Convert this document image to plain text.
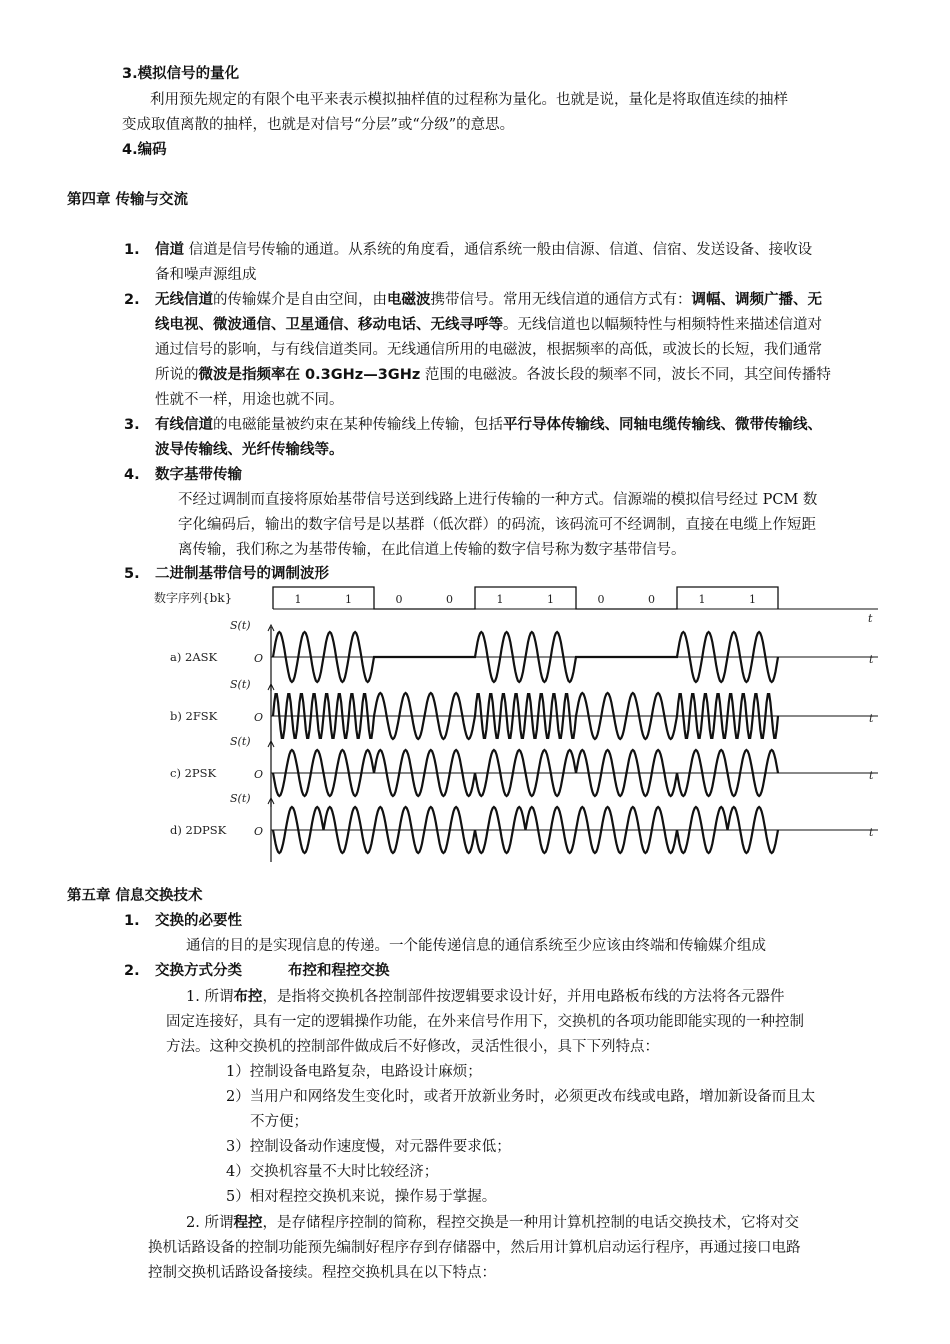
3.模拟信号的量化
利用预先规定的有限个电平来表示模拟抽样值的过程称为量化。也就是说，量化是将取值连续的抽样
变成取值离散的抽样，也就是对信号“分层”或“分级”的意思。
4.编码
第四章 传输与交流
1. 信道 信道是信号传输的通道。从系统的角度看，通信系统一般由信源、信道、信宿、发送设备、接收设
备和噪声源组成
2. 无线信道的传输媒介是自由空间，由电磁波携带信号。常用无线信道的通信方式有：调幅、调频广播、无
线电视、微波通信、卫星通信、移动电话、无线寻呼等。无线信道也以幅频特性与相频特性来描述信道对
通过信号的影响，与有线信道类同。无线通信所用的电磁波，根据频率的高低，或波长的长短，我们通常
所说的微波是指频率在 0.3GHz—3GHz 范围的电磁波。各波长段的频率不同，波长不同，其空间传播特
性就不一样，用途也就不同。
3. 有线信道的电磁能量被约束在某种传输线上传输，包括平行导体传输线、同轴电缆传输线、微带传输线、
波导传输线、光纤传输线等。
4. 数字基带传输
不经过调制而直接将原始基带信号送到线路上进行传输的一种方式。信源端的模拟信号经过 PCM 数
字化编码后，输出的数字信号是以基群（低次群）的码流，该码流可不经调制，直接在电缆上作短距
离传输，我们称之为基带传输，在此信道上传输的数字信号称为数字基带信号。
5. 二进制基带信号的调制波形
数字序列{bk}
t
1	1	0	0	1	1	0	0	1	1
a) 2ASK
S(t)
O	t
b) 2FSK
S(t)
O	t
c) 2PSK
S(t)
O	t
d) 2DPSK
S(t)
O	t
第五章 信息交换技术
1. 交换的必要性
通信的目的是实现信息的传递。一个能传递信息的通信系统至少应该由终端和传输媒介组成
2. 交换方式分类	布控和程控交换
1. 所谓布控，是指将交换机各控制部件按逻辑要求设计好，并用电路板布线的方法将各元器件
固定连接好，具有一定的逻辑操作功能，在外来信号作用下，交换机的各项功能即能实现的一种控制
方法。这种交换机的控制部件做成后不好修改，灵活性很小，具下下列特点：
1）控制设备电路复杂，电路设计麻烦；
2）当用户和网络发生变化时，或者开放新业务时，必须更改布线或电路，增加新设备而且太
不方便；
3）控制设备动作速度慢，对元器件要求低；
4）交换机容量不大时比较经济；
5）相对程控交换机来说，操作易于掌握。
2. 所谓程控，是存储程序控制的简称，程控交换是一种用计算机控制的电话交换技术，它将对交
换机话路设备的控制功能预先编制好程序存到存储器中，然后用计算机启动运行程序，再通过接口电路
控制交换机话路设备接续。程控交换机具在以下特点：
